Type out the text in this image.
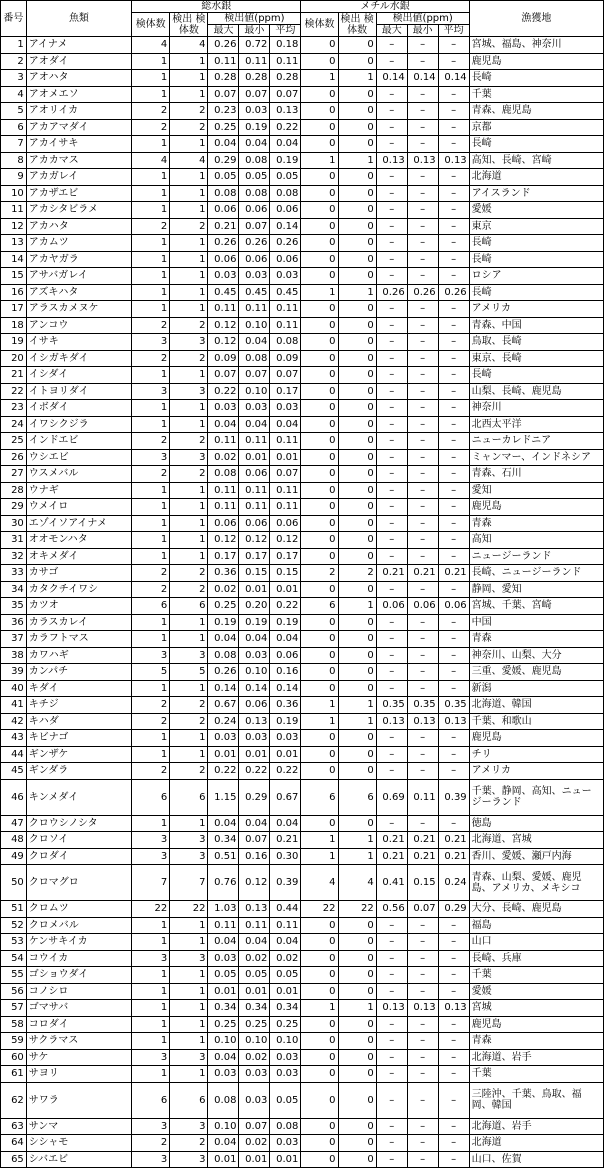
番号	魚類	総水銀					メチル水銀					漁獲地
		検体数	検出 検体数	検出値(ppm)			検体数	検出 検体数	検出値(ppm)			
				最大	最小	平均			最大	最小	平均	
1	アイナメ	4	4	0.26	0.72	0.18	0	0	–	–	–	宮城、福島、神奈川
2	アオダイ	1	1	0.11	0.11	0.11	0	0	–	–	–	鹿児島
3	アオハタ	1	1	0.28	0.28	0.28	1	1	0.14	0.14	0.14	長崎
4	アオメエソ	1	1	0.07	0.07	0.07	0	0	–	–	–	千葉
5	アオリイカ	2	2	0.23	0.03	0.13	0	0	–	–	–	青森、鹿児島
6	アカアマダイ	2	2	0.25	0.19	0.22	0	0	–	–	–	京都
7	アカイサキ	1	1	0.04	0.04	0.04	0	0	–	–	–	長崎
8	アカカマス	4	4	0.29	0.08	0.19	1	1	0.13	0.13	0.13	高知、長崎、宮崎
9	アカガレイ	1	1	0.05	0.05	0.05	0	0	–	–	–	北海道
10	アカザエビ	1	1	0.08	0.08	0.08	0	0	–	–	–	アイスランド
11	アカシタビラメ	1	1	0.06	0.06	0.06	0	0	–	–	–	愛媛
12	アカハタ	2	2	0.21	0.07	0.14	0	0	–	–	–	東京
13	アカムツ	1	1	0.26	0.26	0.26	0	0	–	–	–	長崎
14	アカヤガラ	1	1	0.06	0.06	0.06	0	0	–	–	–	長崎
15	アサバガレイ	1	1	0.03	0.03	0.03	0	0	–	–	–	ロシア
16	アズキハタ	1	1	0.45	0.45	0.45	1	1	0.26	0.26	0.26	長崎
17	アラスカメヌケ	1	1	0.11	0.11	0.11	0	0	–	–	–	アメリカ
18	アンコウ	2	2	0.12	0.10	0.11	0	0	–	–	–	青森、中国
19	イサキ	3	3	0.12	0.04	0.08	0	0	–	–	–	鳥取、長崎
20	イシガキダイ	2	2	0.09	0.08	0.09	0	0	–	–	–	東京、長崎
21	イシダイ	1	1	0.07	0.07	0.07	0	0	–	–	–	長崎
22	イトヨリダイ	3	3	0.22	0.10	0.17	0	0	–	–	–	山梨、長崎、鹿児島
23	イボダイ	1	1	0.03	0.03	0.03	0	0	–	–	–	神奈川
24	イワシクジラ	1	1	0.04	0.04	0.04	0	0	–	–	–	北西太平洋
25	インドエビ	2	2	0.11	0.11	0.11	0	0	–	–	–	ニューカレドニア
26	ウシエビ	3	3	0.02	0.01	0.01	0	0	–	–	–	ミャンマー、インドネシア
27	ウスメバル	2	2	0.08	0.06	0.07	0	0	–	–	–	青森、石川
28	ウナギ	1	1	0.11	0.11	0.11	0	0	–	–	–	愛知
29	ウメイロ	1	1	0.11	0.11	0.11	0	0	–	–	–	鹿児島
30	エゾイソアイナメ	1	1	0.06	0.06	0.06	0	0	–	–	–	青森
31	オオモンハタ	1	1	0.12	0.12	0.12	0	0	–	–	–	高知
32	オキメダイ	1	1	0.17	0.17	0.17	0	0	–	–	–	ニュージーランド
33	カサゴ	2	2	0.36	0.15	0.15	2	2	0.21	0.21	0.21	長崎、ニュージーランド
34	カタクチイワシ	2	2	0.02	0.01	0.01	0	0	–	–	–	静岡、愛知
35	カツオ	6	6	0.25	0.20	0.22	6	1	0.06	0.06	0.06	宮城、千葉、宮崎
36	カラスカレイ	1	1	0.19	0.19	0.19	0	0	–	–	–	中国
37	カラフトマス	1	1	0.04	0.04	0.04	0	0	–	–	–	青森
38	カワハギ	3	3	0.08	0.03	0.06	0	0	–	–	–	神奈川、山梨、大分
39	カンパチ	5	5	0.26	0.10	0.16	0	0	–	–	–	三重、愛媛、鹿児島
40	キダイ	1	1	0.14	0.14	0.14	0	0	–	–	–	新潟
41	キチジ	2	2	0.67	0.06	0.36	1	1	0.35	0.35	0.35	北海道、韓国
42	キハダ	2	2	0.24	0.13	0.19	1	1	0.13	0.13	0.13	千葉、和歌山
43	キビナゴ	1	1	0.03	0.03	0.03	0	0	–	–	–	鹿児島
44	ギンザケ	1	1	0.01	0.01	0.01	0	0	–	–	–	チリ
45	ギンダラ	2	2	0.22	0.22	0.22	0	0	–	–	–	アメリカ
46	キンメダイ	6	6	1.15	0.29	0.67	6	6	0.69	0.11	0.39	千葉、静岡、高知、ニュージーランド
47	クロウシノシタ	1	1	0.04	0.04	0.04	0	0	–	–	–	徳島
48	クロソイ	3	3	0.34	0.07	0.21	1	1	0.21	0.21	0.21	北海道、宮城
49	クロダイ	3	3	0.51	0.16	0.30	1	1	0.21	0.21	0.21	香川、愛媛、瀬戸内海
50	クロマグロ	7	7	0.76	0.12	0.39	4	4	0.41	0.15	0.24	青森、山梨、愛媛、鹿児島、アメリカ、メキシコ
51	クロムツ	22	22	1.03	0.13	0.44	22	22	0.56	0.07	0.29	大分、長崎、鹿児島
52	クロメバル	1	1	0.11	0.11	0.11	0	0	–	–	–	福島
53	ケンサキイカ	1	1	0.04	0.04	0.04	0	0	–	–	–	山口
54	コウイカ	3	3	0.03	0.02	0.02	0	0	–	–	–	長崎、兵庫
55	ゴショウダイ	1	1	0.05	0.05	0.05	0	0	–	–	–	千葉
56	コノシロ	1	1	0.01	0.01	0.01	0	0	–	–	–	愛媛
57	ゴマサバ	1	1	0.34	0.34	0.34	1	1	0.13	0.13	0.13	宮城
58	コロダイ	1	1	0.25	0.25	0.25	0	0	–	–	–	鹿児島
59	サクラマス	1	1	0.10	0.10	0.10	0	0	–	–	–	青森
60	サケ	3	3	0.04	0.02	0.03	0	0	–	–	–	北海道、岩手
61	サヨリ	1	1	0.03	0.03	0.03	0	0	–	–	–	千葉
62	サワラ	6	6	0.08	0.03	0.05	0	0	–	–	–	三陸沖、千葉、鳥取、福岡、韓国
63	サンマ	3	3	0.10	0.07	0.08	0	0	–	–	–	北海道、岩手
64	シシャモ	2	2	0.04	0.02	0.03	0	0	–	–	–	北海道
65	シバエビ	3	3	0.01	0.01	0.01	0	0	–	–	–	山口、佐賀
